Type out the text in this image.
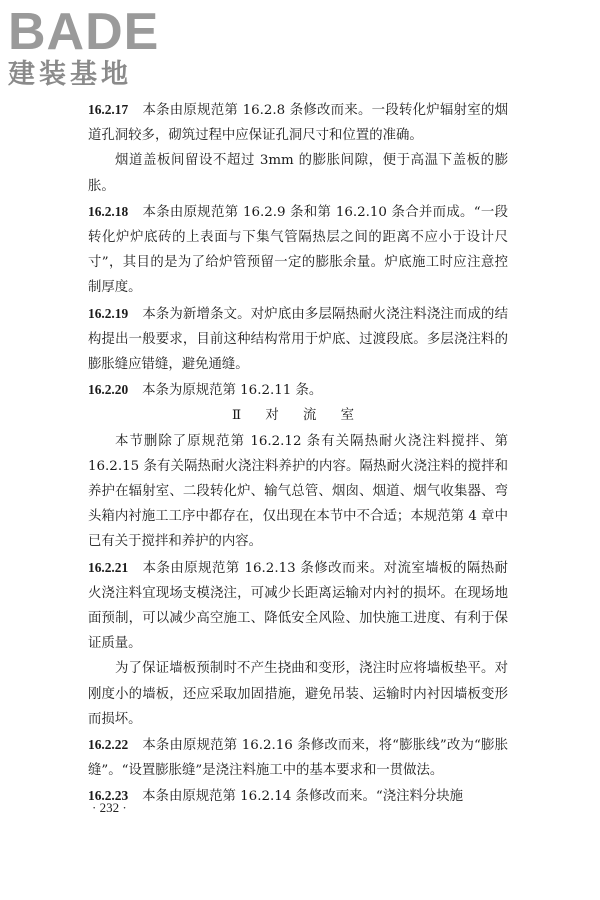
BADE
建装基地

16.2.17 本条由原规范第 16.2.8 条修改而来。一段转化炉辐射室的烟道孔洞较多，砌筑过程中应保证孔洞尺寸和位置的准确。

烟道盖板间留设不超过 3mm 的膨胀间隙，便于高温下盖板的膨胀。

16.2.18 本条由原规范第 16.2.9 条和第 16.2.10 条合并而成。“一段转化炉炉底砖的上表面与下集气管隔热层之间的距离不应小于设计尺寸”，其目的是为了给炉管预留一定的膨胀余量。炉底施工时应注意控制厚度。

16.2.19 本条为新增条文。对炉底由多层隔热耐火浇注料浇注而成的结构提出一般要求，目前这种结构常用于炉底、过渡段底。多层浇注料的膨胀缝应错缝，避免通缝。

16.2.20 本条为原规范第 16.2.11 条。

Ⅱ 对 流 室

本节删除了原规范第 16.2.12 条有关隔热耐火浇注料搅拌、第 16.2.15 条有关隔热耐火浇注料养护的内容。隔热耐火浇注料的搅拌和养护在辐射室、二段转化炉、输气总管、烟囱、烟道、烟气收集器、弯头箱内衬施工工序中都存在，仅出现在本节中不合适；本规范第 4 章中已有关于搅拌和养护的内容。

16.2.21 本条由原规范第 16.2.13 条修改而来。对流室墙板的隔热耐火浇注料宜现场支模浇注，可减少长距离运输对内衬的损坏。在现场地面预制，可以减少高空施工、降低安全风险、加快施工进度、有利于保证质量。

为了保证墙板预制时不产生挠曲和变形，浇注时应将墙板垫平。对刚度小的墙板，还应采取加固措施，避免吊装、运输时内衬因墙板变形而损坏。

16.2.22 本条由原规范第 16.2.16 条修改而来，将“膨胀线”改为“膨胀缝”。“设置膨胀缝”是浇注料施工中的基本要求和一贯做法。

16.2.23 本条由原规范第 16.2.14 条修改而来。“浇注料分块施

· 232 ·
